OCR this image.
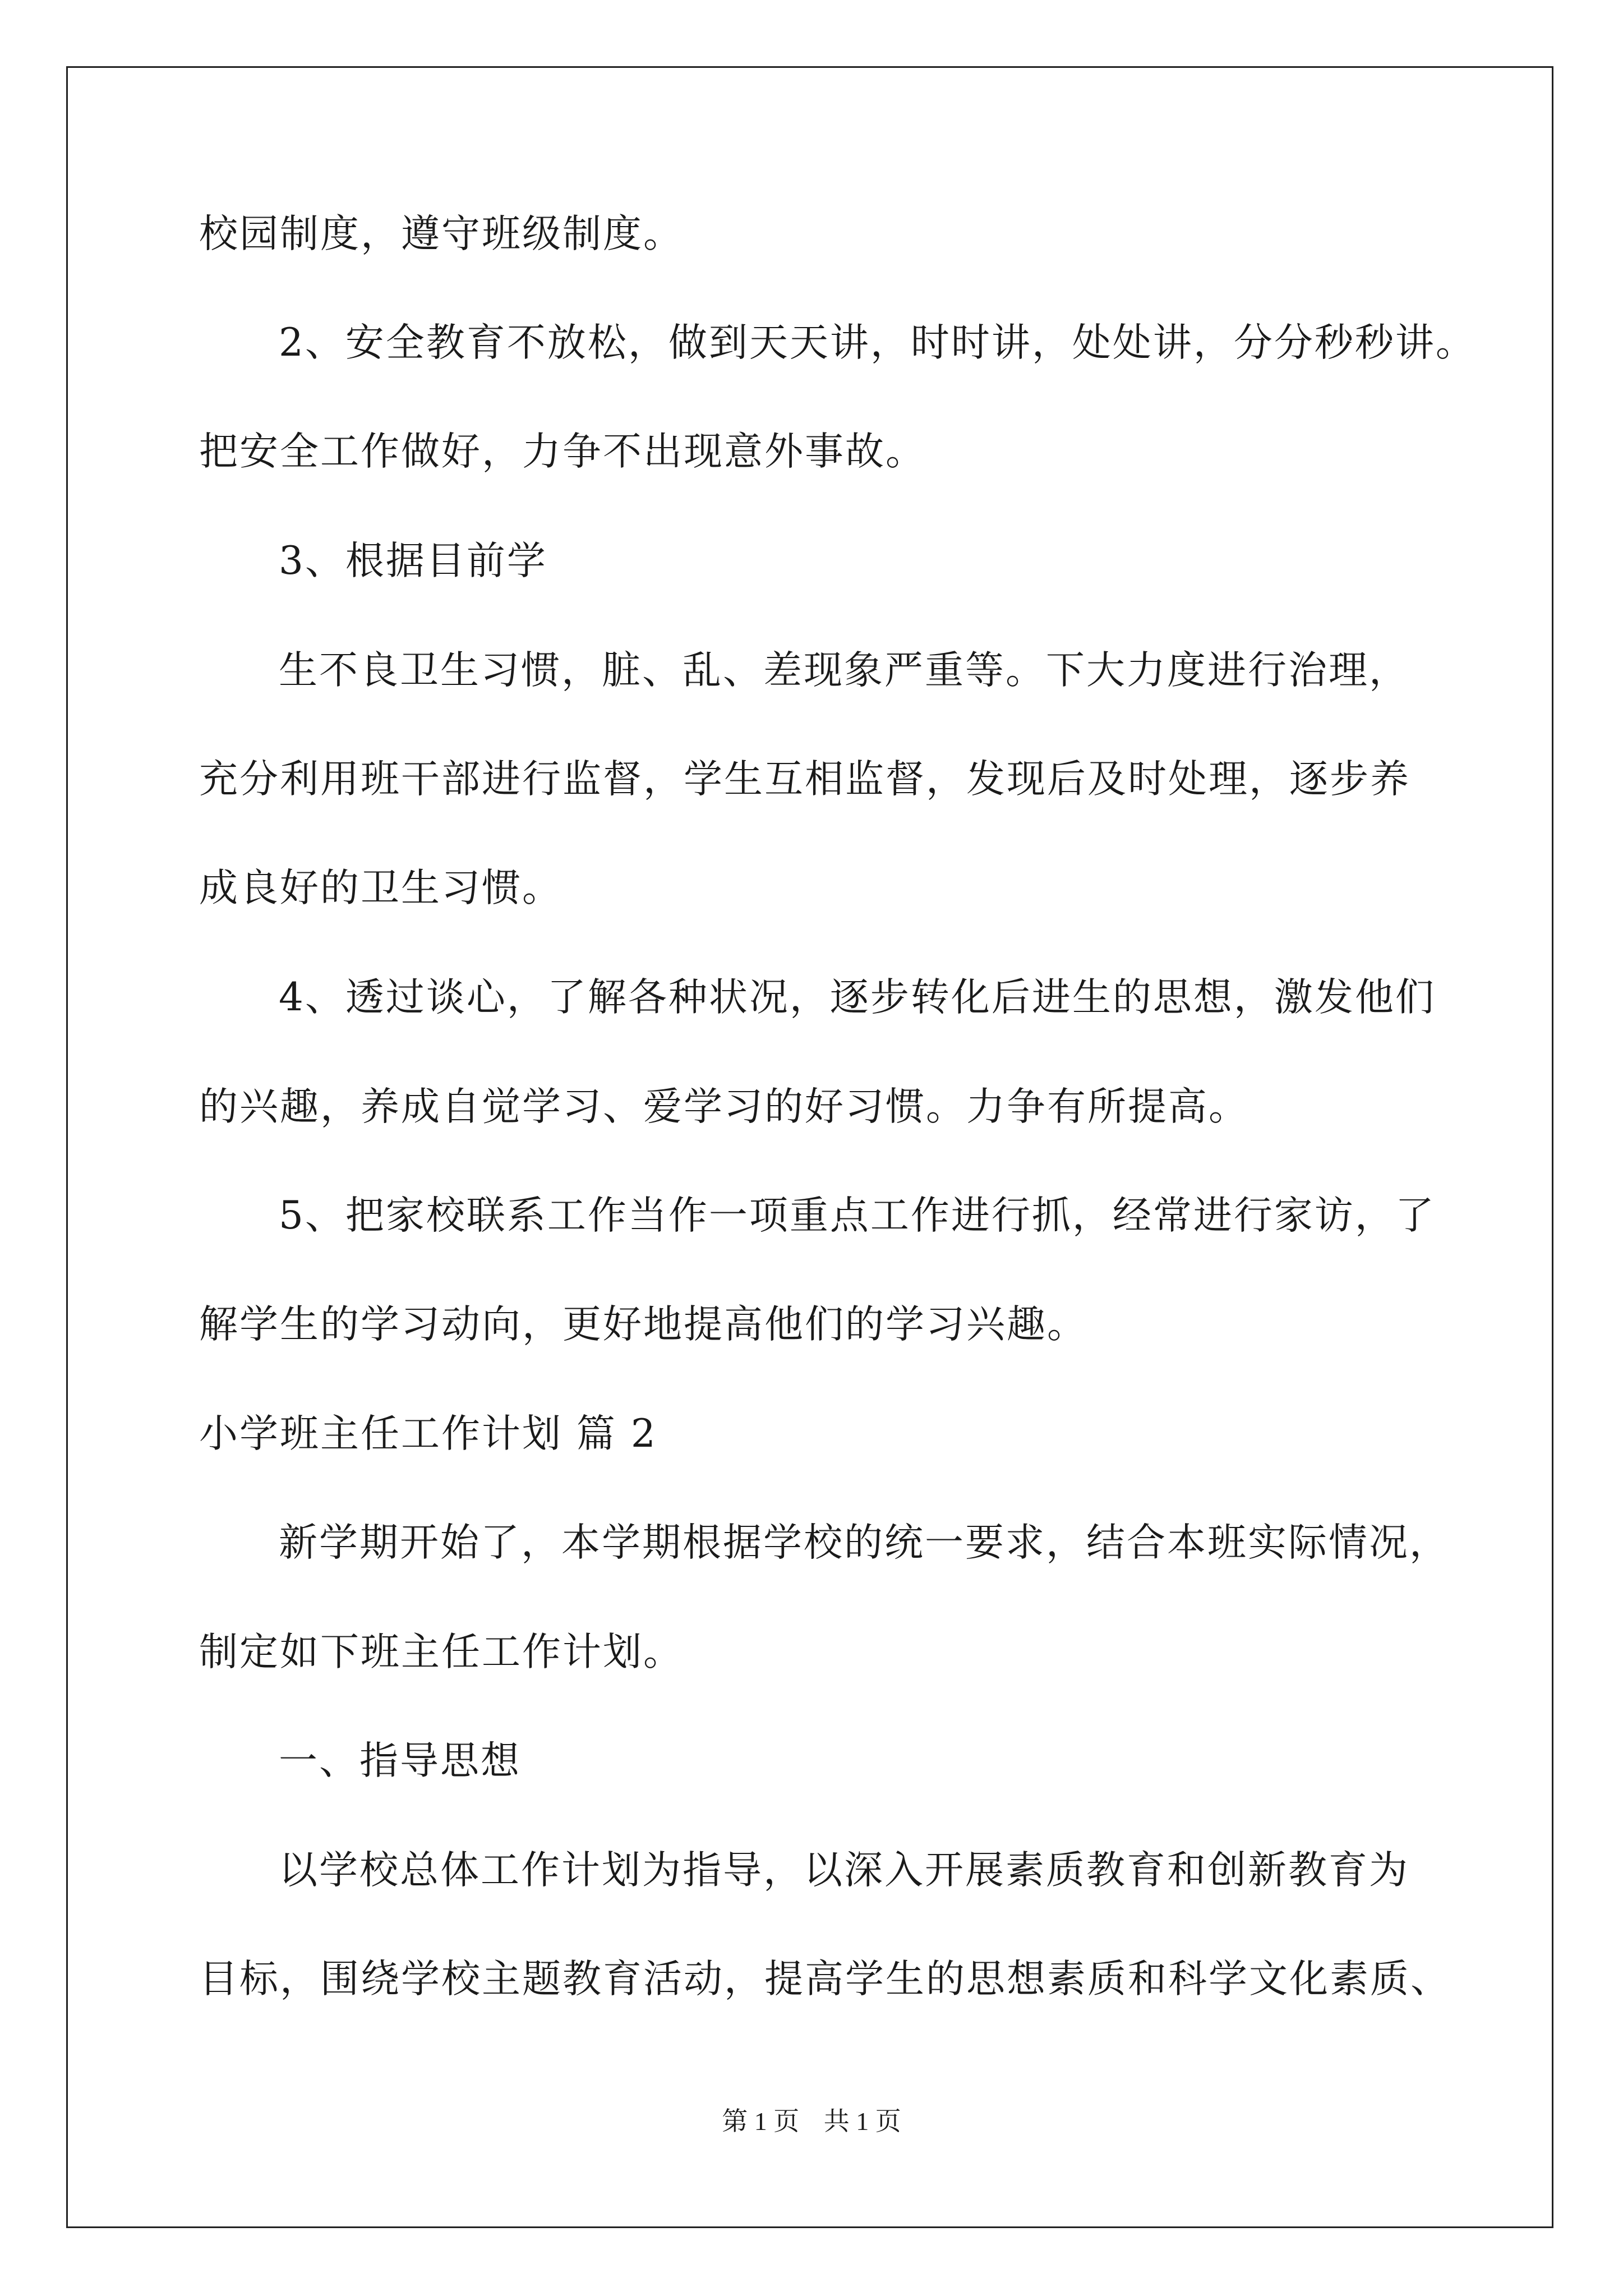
校园制度，遵守班级制度。
2、安全教育不放松，做到天天讲，时时讲，处处讲，分分秒秒讲。
把安全工作做好，力争不出现意外事故。
3、根据目前学
生不良卫生习惯，脏、乱、差现象严重等。下大力度进行治理，
充分利用班干部进行监督，学生互相监督，发现后及时处理，逐步养
成良好的卫生习惯。
4、透过谈心，了解各种状况，逐步转化后进生的思想，激发他们
的兴趣，养成自觉学习、爱学习的好习惯。力争有所提高。
5、把家校联系工作当作一项重点工作进行抓，经常进行家访，了
解学生的学习动向，更好地提高他们的学习兴趣。
小学班主任工作计划 篇 2
新学期开始了，本学期根据学校的统一要求，结合本班实际情况，
制定如下班主任工作计划。
一、指导思想
以学校总体工作计划为指导，以深入开展素质教育和创新教育为
目标，围绕学校主题教育活动，提高学生的思想素质和科学文化素质、
第 1 页 共 1 页
